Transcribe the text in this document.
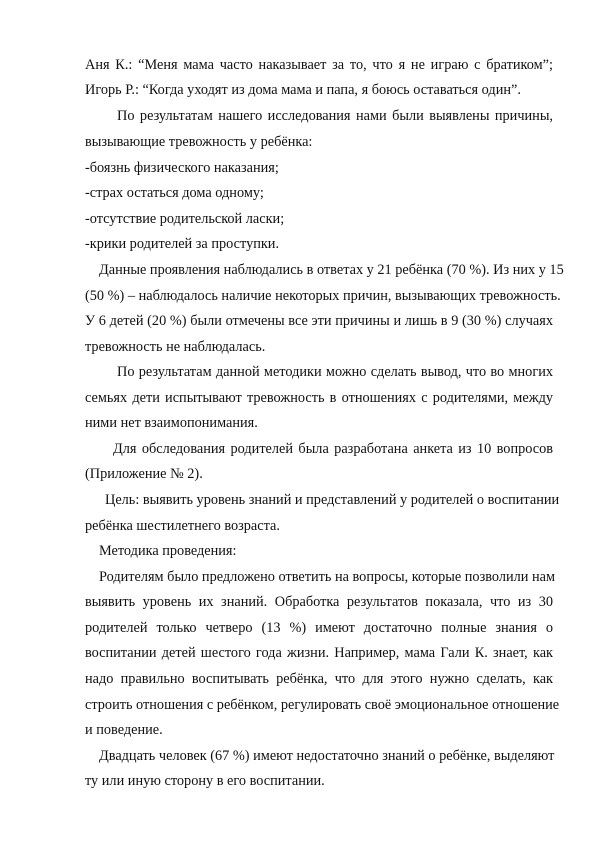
Аня К.: “Меня мама часто наказывает за то, что я не играю с братиком”;
Игорь Р.: “Когда уходят из дома мама и папа, я боюсь оставаться один”.
По результатам нашего исследования нами были выявлены причины,
вызывающие тревожность у ребёнка:
-боязнь физического наказания;
-страх остаться дома одному;
-отсутствие родительской ласки;
-крики родителей за проступки.
Данные проявления наблюдались в ответах у 21 ребёнка (70 %). Из них у 15
(50 %) – наблюдалось наличие некоторых причин, вызывающих тревожность.
У 6 детей (20 %) были отмечены все эти причины и лишь в 9 (30 %) случаях
тревожность не наблюдалась.
По результатам данной методики можно сделать вывод, что во многих
семьях дети испытывают тревожность в отношениях с родителями, между
ними нет взаимопонимания.
Для обследования родителей была разработана анкета из 10 вопросов
(Приложение № 2).
Цель: выявить уровень знаний и представлений у родителей о воспитании
ребёнка шестилетнего возраста.
Методика проведения:
Родителям было предложено ответить на вопросы, которые позволили нам
выявить уровень их знаний. Обработка результатов показала, что из 30
родителей только четверо (13 %) имеют достаточно полные знания о
воспитании детей шестого года жизни. Например, мама Гали К. знает, как
надо правильно воспитывать ребёнка, что для этого нужно сделать, как
строить отношения с ребёнком, регулировать своё эмоциональное отношение
и поведение.
Двадцать человек (67 %) имеют недостаточно знаний о ребёнке, выделяют
ту или иную сторону в его воспитании.
